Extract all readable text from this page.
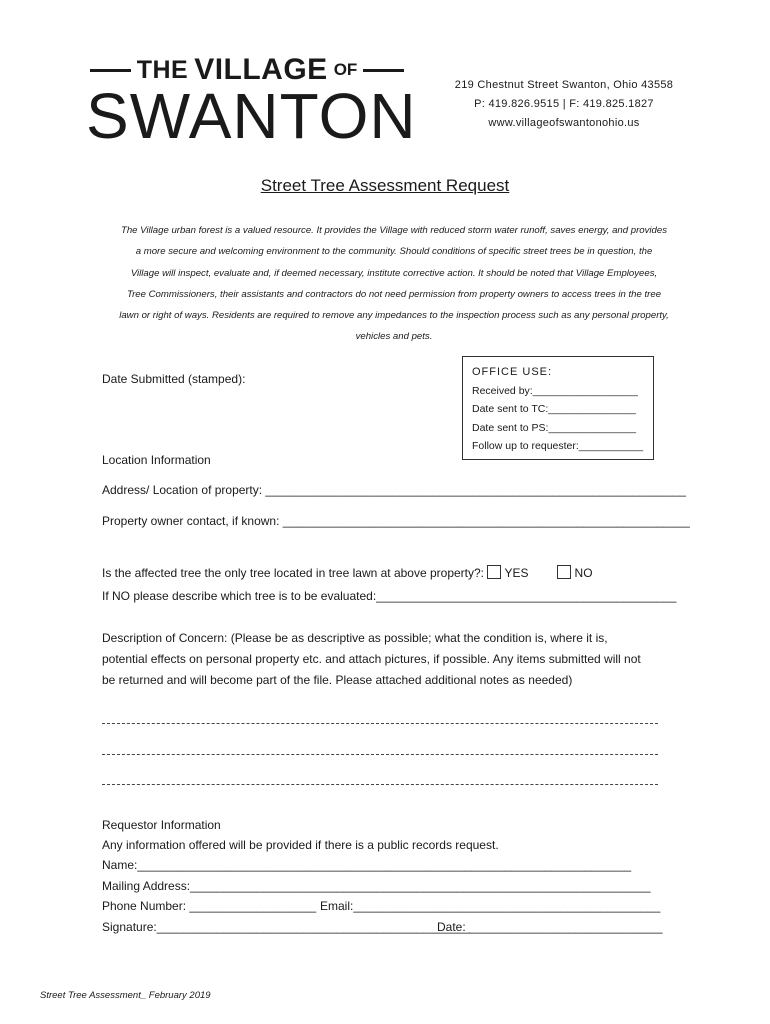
THE VILLAGE OF
SWANTON	219 Chestnut Street Swanton, Ohio 43558
P: 419.826.9515 | F: 419.825.1827
www.villageofswantonohio.us
Street Tree Assessment Request
The Village urban forest is a valued resource. It provides the Village with reduced storm water runoff, saves energy, and provides
a more secure and welcoming environment to the community. Should conditions of specific street trees be in question, the
Village will inspect, evaluate and, if deemed necessary, institute corrective action. It should be noted that Village Employees,
Tree Commissioners, their assistants and contractors do not need permission from property owners to access trees in the tree
lawn or right of ways. Residents are required to remove any impedances to the inspection process such as any personal property,
vehicles and pets.
Date Submitted (stamped):	OFFICE USE:
Received by:__________________
Date sent to TC:_______________
Date sent to PS:_______________
Follow up to requester:___________
Location Information
Address/ Location of property: _______________________________________________________________
Property owner contact, if known: _____________________________________________________________
Is the affected tree the only tree located in tree lawn at above property?: YES	NO
If NO please describe which tree is to be evaluated:_____________________________________________
Description of Concern: (Please be as descriptive as possible; what the condition is, where it is,
potential effects on personal property etc. and attach pictures, if possible. Any items submitted will not
be returned and will become part of the file. Please attached additional notes as needed)
Requestor Information
Any information offered will be provided if there is a public records request.
Name:__________________________________________________________________________
Mailing Address:_____________________________________________________________________
Phone Number: ___________________ Email:______________________________________________
Signature:_______________________________________________
Date: _____________________________
Street Tree Assessment_ February 2019
